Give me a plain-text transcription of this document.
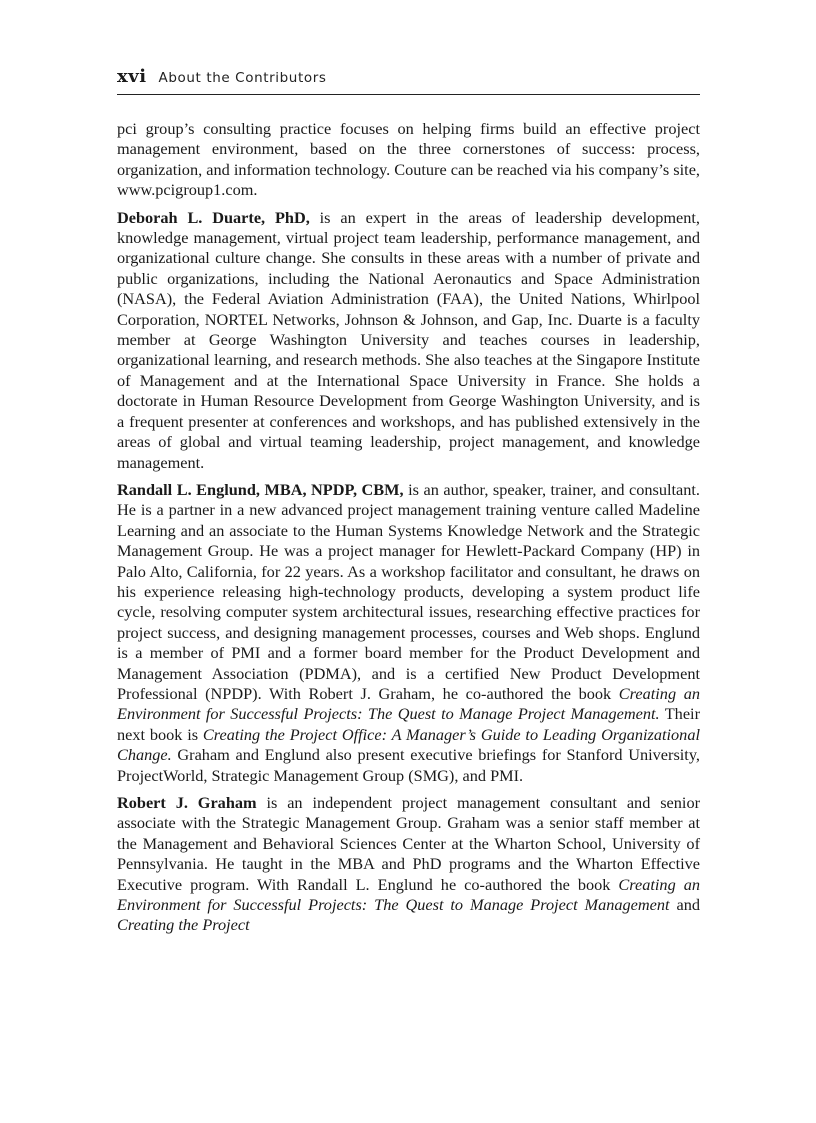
xvi About the Contributors

pci group’s consulting practice focuses on helping firms build an effective project management environment, based on the three cornerstones of success: process, organization, and information technology. Couture can be reached via his company’s site, www.pcigroup1.com.

Deborah L. Duarte, PhD, is an expert in the areas of leadership development, knowledge management, virtual project team leadership, performance management, and organizational culture change. She consults in these areas with a number of private and public organizations, including the National Aeronautics and Space Administration (NASA), the Federal Aviation Administration (FAA), the United Nations, Whirlpool Corporation, NORTEL Networks, Johnson & Johnson, and Gap, Inc. Duarte is a faculty member at George Washington University and teaches courses in leadership, organizational learning, and research methods. She also teaches at the Singapore Institute of Management and at the International Space University in France. She holds a doctorate in Human Resource Development from George Washington University, and is a frequent presenter at conferences and workshops, and has published extensively in the areas of global and virtual teaming leadership, project management, and knowledge management.

Randall L. Englund, MBA, NPDP, CBM, is an author, speaker, trainer, and consultant. He is a partner in a new advanced project management training venture called Madeline Learning and an associate to the Human Systems Knowledge Network and the Strategic Management Group. He was a project manager for Hewlett-Packard Company (HP) in Palo Alto, California, for 22 years. As a workshop facilitator and consultant, he draws on his experience releasing high-technology products, developing a system product life cycle, resolving computer system architectural issues, researching effective practices for project success, and designing management processes, courses and Web shops. Englund is a member of PMI and a former board member for the Product Development and Management Association (PDMA), and is a certified New Product Development Professional (NPDP). With Robert J. Graham, he co-authored the book Creating an Environment for Successful Projects: The Quest to Manage Project Management. Their next book is Creating the Project Office: A Manager’s Guide to Leading Organizational Change. Graham and Englund also present executive briefings for Stanford University, ProjectWorld, Strategic Management Group (SMG), and PMI.

Robert J. Graham is an independent project management consultant and senior associate with the Strategic Management Group. Graham was a senior staff member at the Management and Behavioral Sciences Center at the Wharton School, University of Pennsylvania. He taught in the MBA and PhD programs and the Wharton Effective Executive program. With Randall L. Englund he co-authored the book Creating an Environment for Successful Projects: The Quest to Manage Project Management and Creating the Project
